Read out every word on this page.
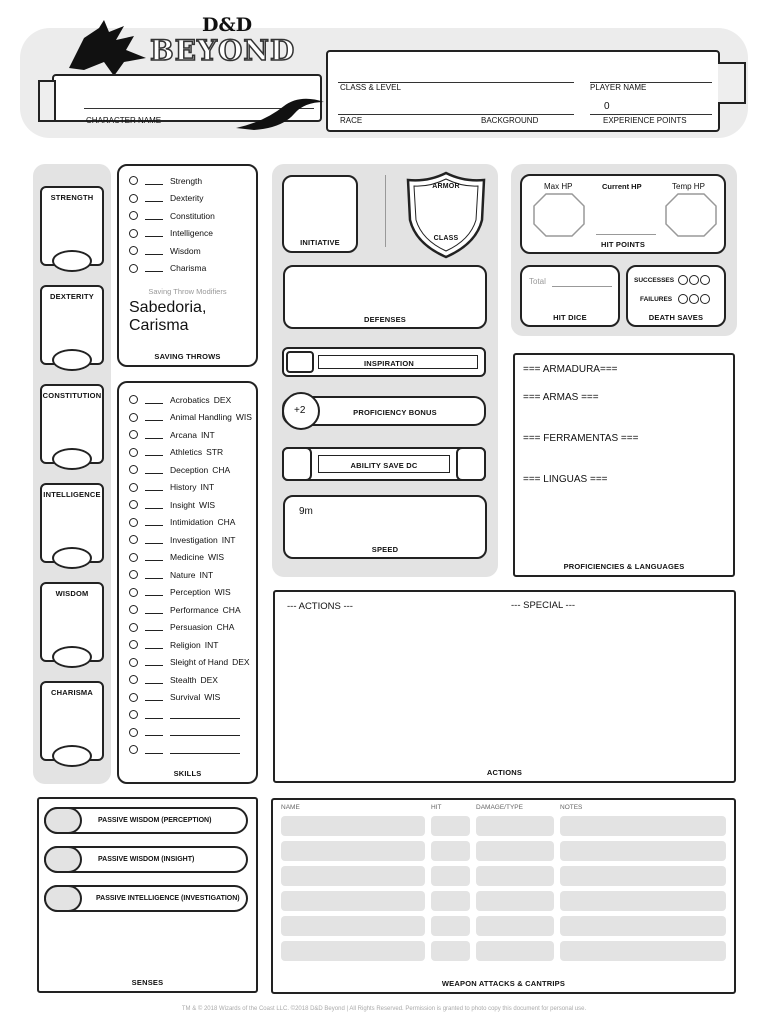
D&D
BEYOND
CHARACTER NAME
CLASS & LEVEL	PLAYER NAME
0
RACE	BACKGROUND	EXPERIENCE POINTS
STRENGTH
DEXTERITY
CONSTITUTION
INTELLIGENCE
WISDOM
CHARISMA
Strength
Dexterity
Constitution
Intelligence
Wisdom
Charisma
Saving Throw Modifiers
Sabedoria, Carisma
SAVING THROWS
Acrobatics DEX
Animal Handling WIS
Arcana INT
Athletics STR
Deception CHA
History INT
Insight WIS
Intimidation CHA
Investigation INT
Medicine WIS
Nature INT
Perception WIS
Performance CHA
Persuasion CHA
Religion INT
Sleight of Hand DEX
Stealth DEX
Survival WIS
SKILLS
INITIATIVE
ARMOR
CLASS
DEFENSES
INSPIRATION
+2	PROFICIENCY BONUS
ABILITY SAVE DC
9m
SPEED
Max HP	Current HP	Temp HP
HIT POINTS
Total
HIT DICE
SUCCESSES
FAILURES
DEATH SAVES
=== ARMADURA===
=== ARMAS ===
=== FERRAMENTAS ===
=== LINGUAS ===
PROFICIENCIES & LANGUAGES
--- ACTIONS ---	--- SPECIAL ---
ACTIONS
SENSES
PASSIVE WISDOM (PERCEPTION)
PASSIVE WISDOM (INSIGHT)
PASSIVE INTELLIGENCE (INVESTIGATION)
NAME	HIT	DAMAGE/TYPE	NOTES
WEAPON ATTACKS & CANTRIPS
TM & © 2018 Wizards of the Coast LLC. ©2018 D&D Beyond | All Rights Reserved. Permission is granted to photo copy this document for personal use.
